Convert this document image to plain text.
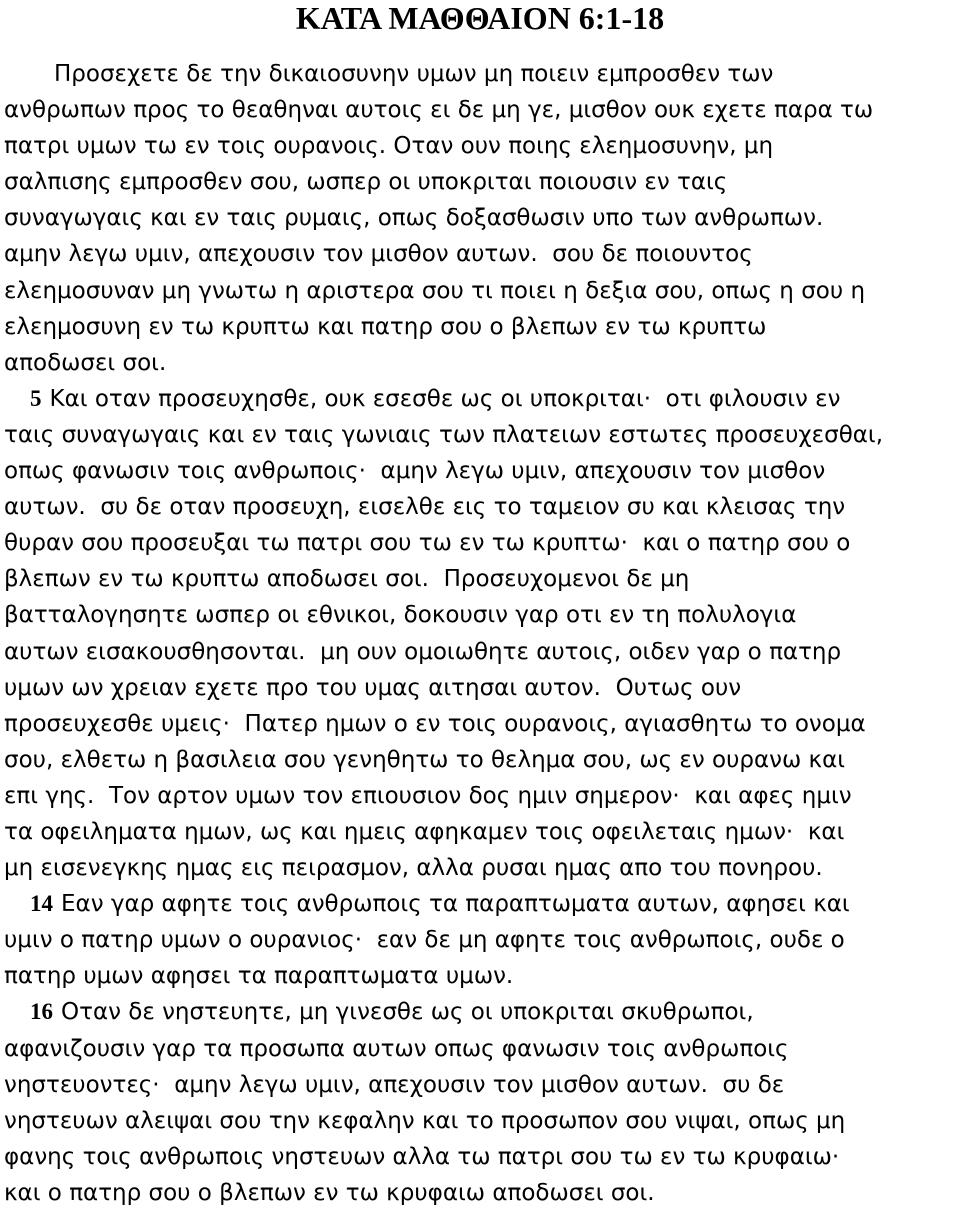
ΚΑΤΑ ΜΑΘΘΑΙΟΝ 6:1-18
Προσεχετε δε την δικαιοσυνην υμων μη ποιειν εμπροσθεν των
ανθρωπων προς το θεαθηναι αυτοις ει δε μη γε, μισθον ουκ εχετε παρα τω
πατρι υμων τω εν τοις ουρανοις. Οταν ουν ποιης ελεημοσυνην, μη
σαλπισης εμπροσθεν σου, ωσπερ οι υποκριται ποιουσιν εν ταις
συναγωγαις και εν ταις ρυμαις, οπως δοξασθωσιν υπο των ανθρωπων.
αμην λεγω υμιν, απεχουσιν τον μισθον αυτων.  σου δε ποιουντος
ελεημοσυναν μη γνωτω η αριστερα σου τι ποιει η δεξια σου, οπως η σου η
ελεημοσυνη εν τω κρυπτω και πατηρ σου ο βλεπων εν τω κρυπτω
αποδωσει σοι.
5 Και οταν προσευχησθε, ουκ εσεσθε ως οι υποκριται·  οτι φιλουσιν εν
ταις συναγωγαις και εν ταις γωνιαις των πλατειων εστωτες προσευχεσθαι,
οπως φανωσιν τοις ανθρωποις·  αμην λεγω υμιν, απεχουσιν τον μισθον
αυτων.  συ δε οταν προσευχη, εισελθε εις το ταμειον συ και κλεισας την
θυραν σου προσευξαι τω πατρι σου τω εν τω κρυπτω·  και ο πατηρ σου ο
βλεπων εν τω κρυπτω αποδωσει σοι.  Προσευχομενοι δε μη
βατταλογησητε ωσπερ οι εθνικοι, δοκουσιν γαρ οτι εν τη πολυλογια
αυτων εισακουσθησονται.  μη ουν ομοιωθητε αυτοις, οιδεν γαρ ο πατηρ
υμων ων χρειαν εχετε προ του υμας αιτησαι αυτον.  Ουτως ουν
προσευχεσθε υμεις·  Πατερ ημων ο εν τοις ουρανοις, αγιασθητω το ονομα
σου, ελθετω η βασιλεια σου γενηθητω το θελημα σου, ως εν ουρανω και
επι γης.  Τον αρτον υμων τον επιουσιον δος ημιν σημερον·  και αφες ημιν
τα οφειληματα ημων, ως και ημεις αφηκαμεν τοις οφειλεταις ημων·  και
μη εισενεγκης ημας εις πειρασμον, αλλα ρυσαι ημας απο του πονηρου.
14 Εαν γαρ αφητε τοις ανθρωποις τα παραπτωματα αυτων, αφησει και
υμιν ο πατηρ υμων ο ουρανιος·  εαν δε μη αφητε τοις ανθρωποις, ουδε ο
πατηρ υμων αφησει τα παραπτωματα υμων.
16 Οταν δε νηστευητε, μη γινεσθε ως οι υποκριται σκυθρωποι,
αφανιζουσιν γαρ τα προσωπα αυτων οπως φανωσιν τοις ανθρωποις
νηστευοντες·  αμην λεγω υμιν, απεχουσιν τον μισθον αυτων.  συ δε
νηστευων αλειψαι σου την κεφαλην και το προσωπον σου νιψαι, οπως μη
φανης τοις ανθρωποις νηστευων αλλα τω πατρι σου τω εν τω κρυφαιω·
και ο πατηρ σου ο βλεπων εν τω κρυφαιω αποδωσει σοι.
